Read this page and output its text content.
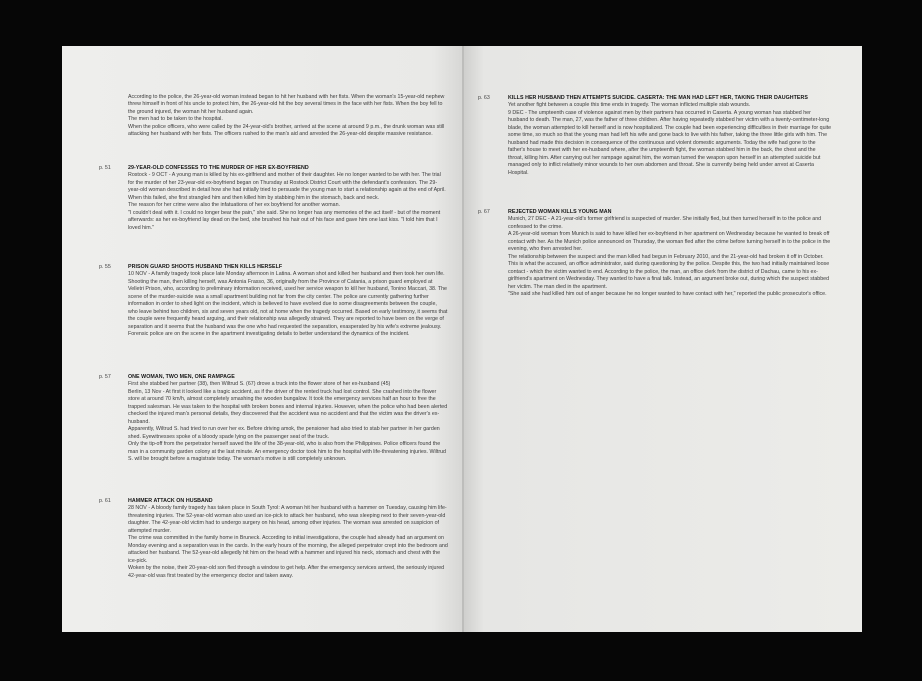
According to the police, the 26-year-old woman instead began to hit her husband with her fists. When the woman's 15-year-old nephew threw himself in front of his uncle to protect him, the 26-year-old hit the boy several times in the face with her fists. When the boy fell to the ground injured, the woman hit her husband again.

The men had to be taken to the hospital.

When the police officers, who were called by the 24-year-old's brother, arrived at the scene at around 9 p.m., the drunk woman was still attacking her husband with her fists. The officers rushed to the man's aid and arrested the 26-year-old despite massive resistance.

p. 51	29-YEAR-OLD CONFESSES TO THE MURDER OF HER EX-BOYFRIEND

Rostock - 9 OCT - A young man is killed by his ex-girlfriend and mother of their daughter. He no longer wanted to be with her. The trial for the murder of her 23-year-old ex-boyfriend began on Thursday at Rostock District Court with the defendant's confession. The 29-year-old woman described in detail how she had initially tried to persuade the young man to start a relationship again at the end of April. When this failed, she first strangled him and then killed him by stabbing him in the stomach, back and neck.

The reason for her crime were also the infatuations of her ex boyfriend for another woman.

"I couldn't deal with it. I could no longer bear the pain," she said. She no longer has any memories of the act itself - but of the moment afterwards: as her ex-boyfriend lay dead on the bed, she brushed his hair out of his face and gave him one last kiss. "I told him that I loved him."

p. 55	PRISON GUARD SHOOTS HUSBAND THEN KILLS HERSELF

10 NOV - A family tragedy took place late Monday afternoon in Latina. A woman shot and killed her husband and then took her own life. Shooting the man, then killing herself, was Antonia Frasso, 36, originally from the Province of Catania, a prison guard employed at Velletri Prison, who, according to preliminary information received, used her service weapon to kill her husband, Tonino Maccari, 38. The scene of the murder-suicide was a small apartment building not far from the city center. The police are currently gathering further information in order to shed light on the incident, which is believed to have evolved due to some disagreements between the couple, who leave behind two children, six and seven years old, not at home when the tragedy occurred. Based on early testimony, it seems that the couple were frequently heard arguing, and their relationship was allegedly strained. They are reported to have been on the verge of separation and it seems that the husband was the one who had requested the separation, exasperated by his wife's extreme jealousy. Forensic police are on the scene in the apartment investigating details to better understand the dynamics of the incident.

p. 57	ONE WOMAN, TWO MEN, ONE RAMPAGE

First she stabbed her partner (38), then Wiltrud S. (67) drove a truck into the flower store of her ex-husband (45)

Berlin, 13 Nov - At first it looked like a tragic accident, as if the driver of the rented truck had lost control. She crashed into the flower store at around 70 km/h, almost completely smashing the wooden bungalow. It took the emergency services half an hour to free the trapped salesman. He was taken to the hospital with broken bones and internal injuries. However, when the police who had been alerted checked the injured man's personal details, they discovered that the accident was no accident and that the victim was the driver's ex-husband.

Apparently, Wiltrud S. had tried to run over her ex. Before driving amok, the pensioner had also tried to stab her partner in her garden shed. Eyewitnesses spoke of a bloody spade lying on the passenger seat of the truck.

Only the tip-off from the perpetrator herself saved the life of the 38-year-old, who is also from the Philippines. Police officers found the man in a community garden colony at the last minute. An emergency doctor took him to the hospital with life-threatening injuries. Wiltrud S. will be brought before a magistrate today. The woman's motive is still completely unknown.

p. 61	HAMMER ATTACK ON HUSBAND

28 NOV - A bloody family tragedy has taken place in South Tyrol: A woman hit her husband with a hammer on Tuesday, causing him life-threatening injuries. The 52-year-old woman also used an ice-pick to attack her husband, who was sleeping next to their seven-year-old daughter. The 42-year-old victim had to undergo surgery on his head, among other injuries. The woman was arrested on suspicion of attempted murder.

The crime was committed in the family home in Bruneck. According to initial investigations, the couple had already had an argument on Monday evening and a separation was in the cards. In the early hours of the morning, the alleged perpetrator crept into the bedroom and attacked her husband. The 52-year-old allegedly hit him on the head with a hammer and injured his neck, stomach and chest with the ice-pick.

Woken by the noise, their 20-year-old son fled through a window to get help. After the emergency services arrived, the seriously injured 42-year-old was first treated by the emergency doctor and taken away.

p. 63	KILLS HER HUSBAND THEN ATTEMPTS SUICIDE. CASERTA: THE MAN HAD LEFT HER, TAKING THEIR DAUGHTERS

Yet another fight between a couple this time ends in tragedy. The woman inflicted multiple stab wounds.

9 DEC - The umpteenth case of violence against men by their partners has occurred in Caserta. A young woman has stabbed her husband to death. The man, 27, was the father of three children. After having repeatedly stabbed her victim with a twenty-centimeter-long blade, the woman attempted to kill herself and is now hospitalized. The couple had been experiencing difficulties in their marriage for quite some time, so much so that the young man had left his wife and gone back to live with his father, taking the three little girls with him. The husband had made this decision in consequence of the continuous and violent domestic arguments. Today the wife had gone to the father's house to meet with her ex-husband where, after the umpteenth fight, the woman stabbed him in the back, the chest and the throat, killing him. After carrying out her rampage against him, the woman turned the weapon upon herself in an attempted suicide but managed only to inflict relatively minor wounds to her own abdomen and throat. She is currently being held under arrest at Caserta Hospital.

p. 67	REJECTED WOMAN KILLS YOUNG MAN

Munich, 27 DEC - A 21-year-old's former girlfriend is suspected of murder. She initially fled, but then turned herself in to the police and confessed to the crime.

A 26-year-old woman from Munich is said to have killed her ex-boyfriend in her apartment on Wednesday because he wanted to break off contact with her. As the Munich police announced on Thursday, the woman fled after the crime before turning herself in to the police in the evening, who then arrested her.

The relationship between the suspect and the man killed had begun in February 2010, and the 21-year-old had broken it off in October. This is what the accused, an office administrator, said during questioning by the police. Despite this, the two had initially maintained loose contact - which the victim wanted to end. According to the police, the man, an office clerk from the district of Dachau, came to his ex-girlfriend's apartment on Wednesday. They wanted to have a final talk. Instead, an argument broke out, during which the suspect stabbed her victim. The man died in the apartment.

"She said she had killed him out of anger because he no longer wanted to have contact with her," reported the public prosecutor's office.
